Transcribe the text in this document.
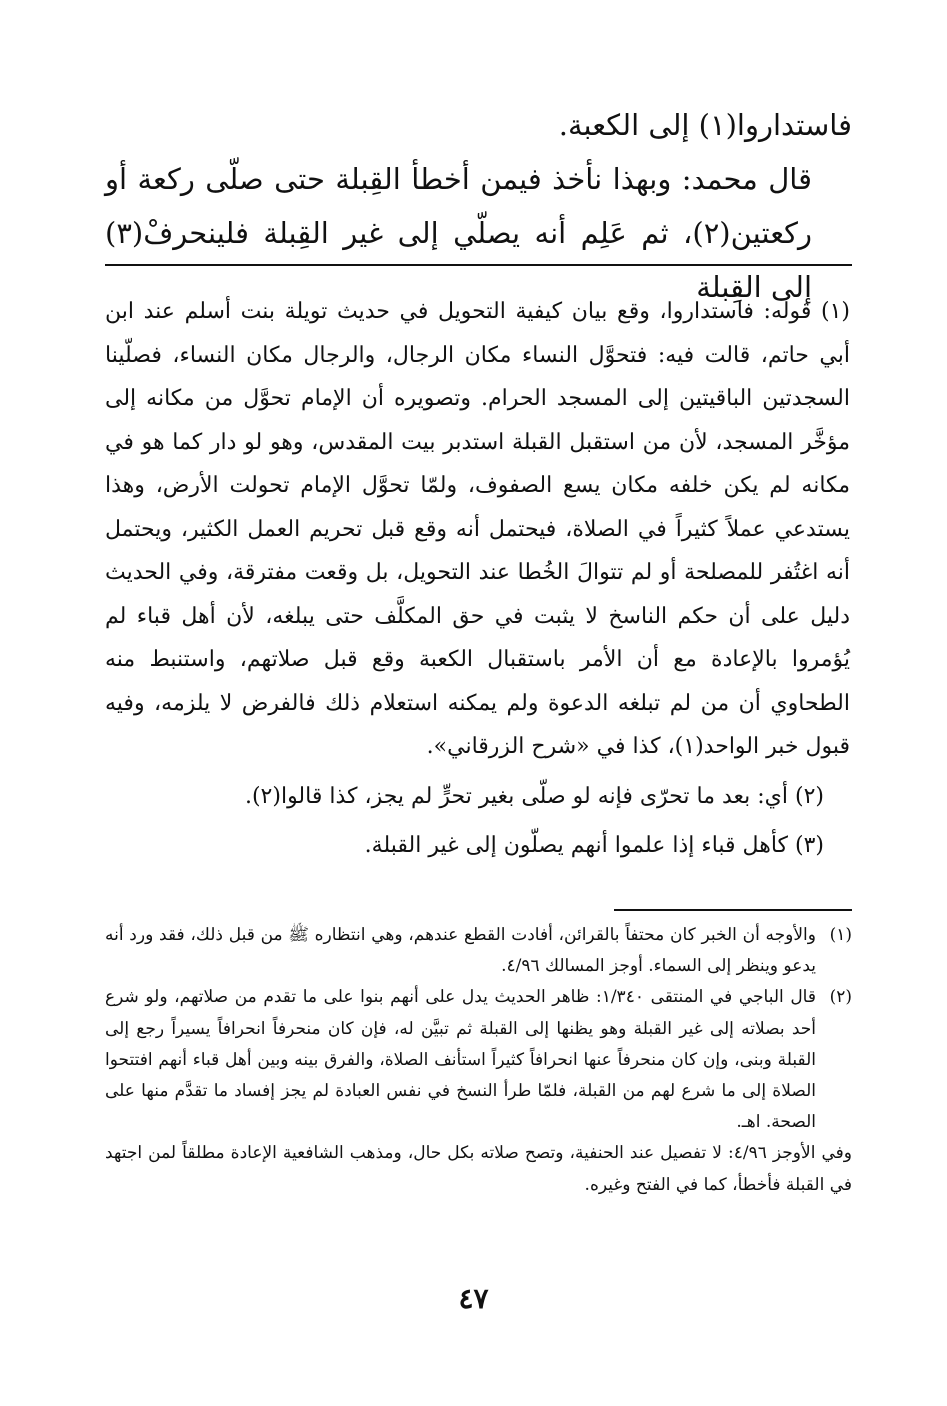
فاستداروا(١) إلى الكعبة.

قال محمد: وبهذا نأخذ فيمن أخطأ القِبلة حتى صلّى ركعة أو ركعتين(٢)، ثم عَلِم أنه يصلّي إلى غير القِبلة فلينحرفْ(٣) إلى القِبلة

(١) قوله: فاستداروا، وقع بيان كيفية التحويل في حديث تويلة بنت أسلم عند ابن أبي حاتم، قالت فيه: فتحوَّل النساء مكان الرجال، والرجال مكان النساء، فصلّينا السجدتين الباقيتين إلى المسجد الحرام. وتصويره أن الإمام تحوَّل من مكانه إلى مؤخَّر المسجد، لأن من استقبل القبلة استدبر بيت المقدس، وهو لو دار كما هو في مكانه لم يكن خلفه مكان يسع الصفوف، ولمّا تحوَّل الإمام تحولت الأرض، وهذا يستدعي عملاً كثيراً في الصلاة، فيحتمل أنه وقع قبل تحريم العمل الكثير، ويحتمل أنه اغتُفر للمصلحة أو لم تتوالَ الخُطا عند التحويل، بل وقعت مفترقة، وفي الحديث دليل على أن حكم الناسخ لا يثبت في حق المكلَّف حتى يبلغه، لأن أهل قباء لم يُؤمروا بالإعادة مع أن الأمر باستقبال الكعبة وقع قبل صلاتهم، واستنبط منه الطحاوي أن من لم تبلغه الدعوة ولم يمكنه استعلام ذلك فالفرض لا يلزمه، وفيه قبول خبر الواحد(١)، كذا في «شرح الزرقاني».

(٢) أي: بعد ما تحرّى فإنه لو صلّى بغير تحرٍّ لم يجز، كذا قالوا(٢).

(٣) كأهل قباء إذا علموا أنهم يصلّون إلى غير القبلة.

(١)

والأوجه أن الخبر كان محتفاً بالقرائن، أفادت القطع عندهم، وهي انتظاره ﷺ من قبل ذلك، فقد ورد أنه يدعو وينظر إلى السماء. أوجز المسالك ٤/٩٦.

(٢)

قال الباجي في المنتقى ١/٣٤٠: ظاهر الحديث يدل على أنهم بنوا على ما تقدم من صلاتهم، ولو شرع أحد بصلاته إلى غير القبلة وهو يظنها إلى القبلة ثم تبيَّن له، فإن كان منحرفاً انحرافاً يسيراً رجع إلى القبلة وبنى، وإن كان منحرفاً عنها انحرافاً كثيراً استأنف الصلاة، والفرق بينه وبين أهل قباء أنهم افتتحوا الصلاة إلى ما شرع لهم من القبلة، فلمّا طرأ النسخ في نفس العبادة لم يجز إفساد ما تقدَّم منها على الصحة. اهـ.

وفي الأوجز ٤/٩٦: لا تفصيل عند الحنفية، وتصح صلاته بكل حال، ومذهب الشافعية الإعادة مطلقاً لمن اجتهد في القبلة فأخطأ، كما في الفتح وغيره.

٤٧
